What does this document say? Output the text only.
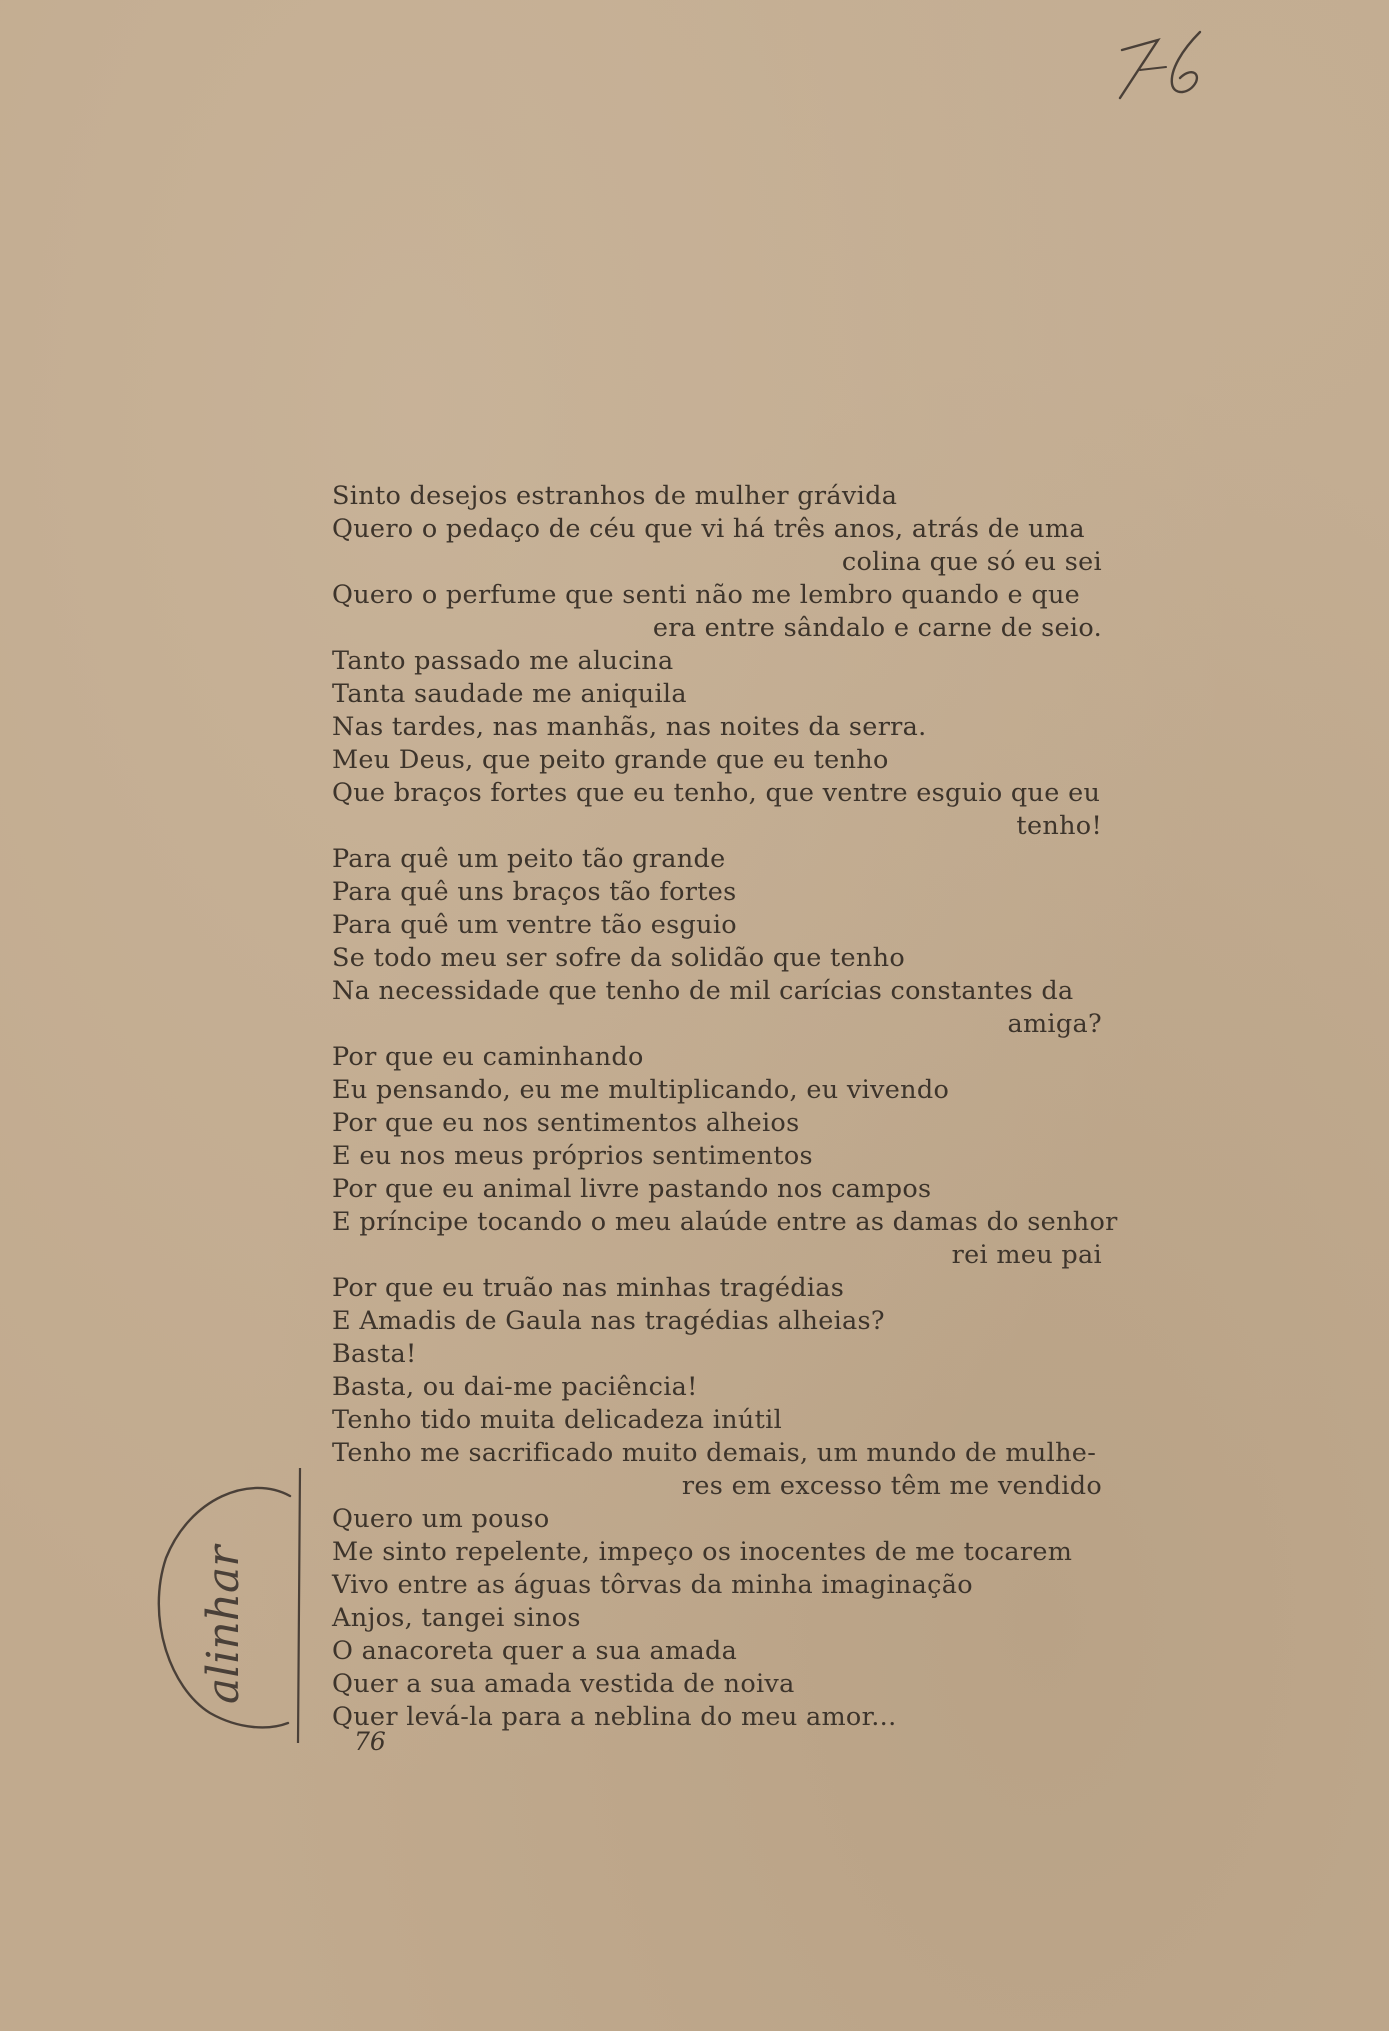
Sinto desejos estranhos de mulher grávida
Quero o pedaço de céu que vi há três anos, atrás de uma
colina que só eu sei
Quero o perfume que senti não me lembro quando e que
era entre sândalo e carne de seio.
Tanto passado me alucina
Tanta saudade me aniquila
Nas tardes, nas manhãs, nas noites da serra.
Meu Deus, que peito grande que eu tenho
Que braços fortes que eu tenho, que ventre esguio que eu
tenho!
Para quê um peito tão grande
Para quê uns braços tão fortes
Para quê um ventre tão esguio
Se todo meu ser sofre da solidão que tenho
Na necessidade que tenho de mil carícias constantes da
amiga?
Por que eu caminhando
Eu pensando, eu me multiplicando, eu vivendo
Por que eu nos sentimentos alheios
E eu nos meus próprios sentimentos
Por que eu animal livre pastando nos campos
E príncipe tocando o meu alaúde entre as damas do senhor
rei meu pai
Por que eu truão nas minhas tragédias
E Amadis de Gaula nas tragédias alheias?
Basta!
Basta, ou dai-me paciência!
Tenho tido muita delicadeza inútil
Tenho me sacrificado muito demais, um mundo de mulhe-
res em excesso têm me vendido
Quero um pouso
Me sinto repelente, impeço os inocentes de me tocarem
Vivo entre as águas tôrvas da minha imaginação
Anjos, tangei sinos
O anacoreta quer a sua amada
Quer a sua amada vestida de noiva
Quer levá-la para a neblina do meu amor...
76
alinhar
